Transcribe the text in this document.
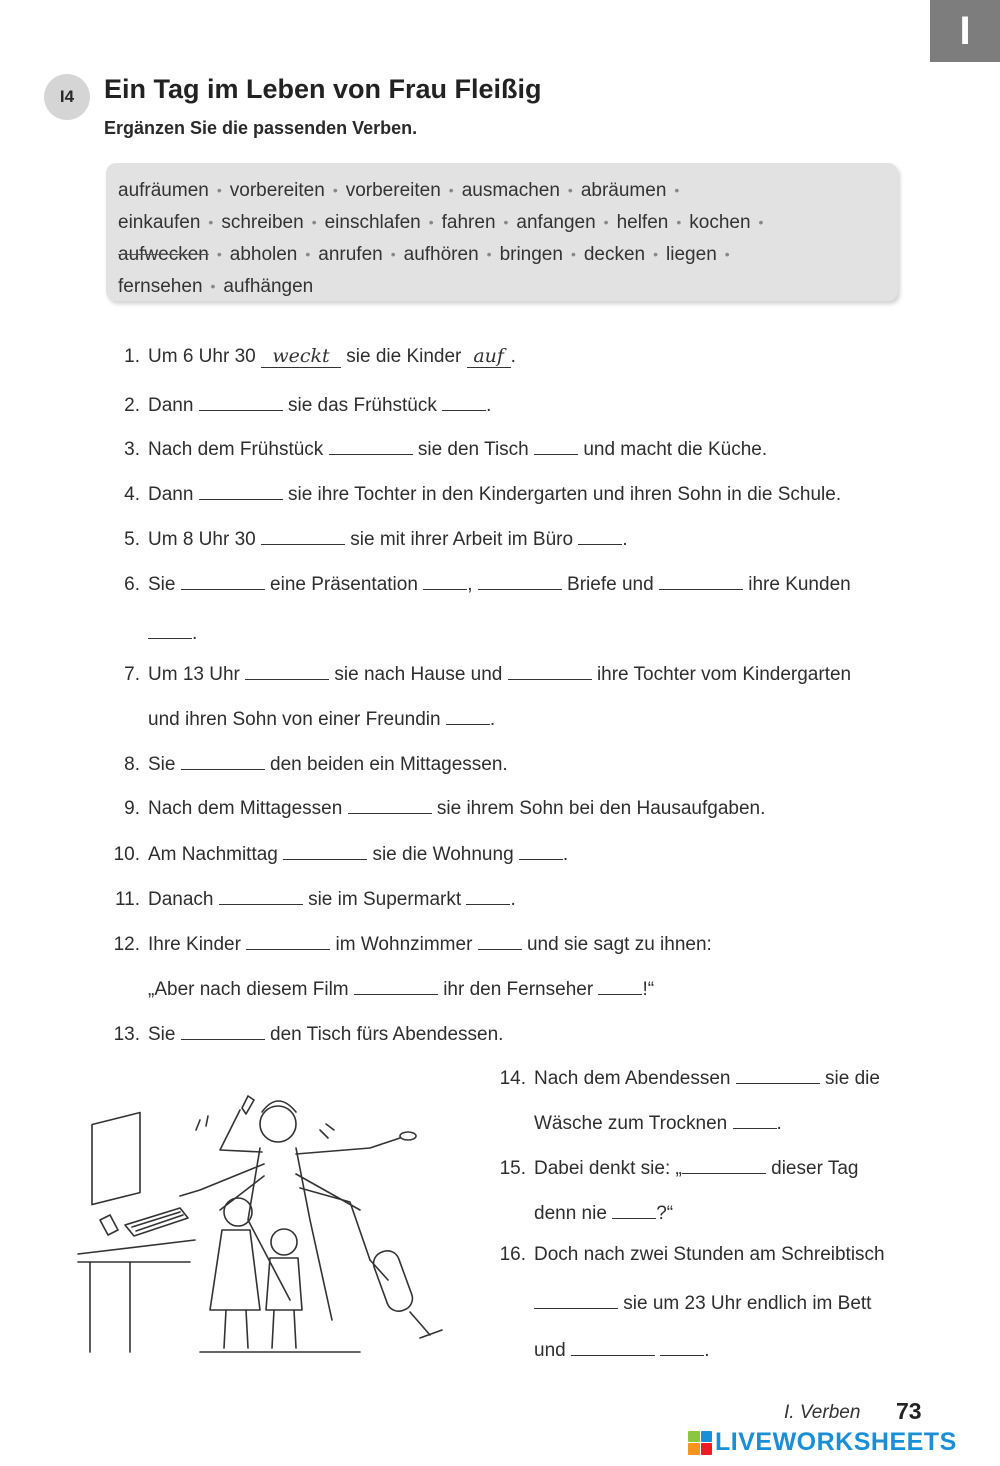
I
I4	Ein Tag im Leben von Frau Fleißig
Ergänzen Sie die passenden Verben.
aufräumen • vorbereiten • vorbereiten • ausmachen • abräumen •
einkaufen • schreiben • einschlafen • fahren • anfangen • helfen • kochen •
aufwecken • abholen • anrufen • aufhören • bringen • decken • liegen •
fernsehen • aufhängen
1. Um 6 Uhr 30 weckt sie die Kinder auf .
2. Dann	sie das Frühstück	.
3. Nach dem Frühstück	sie den Tisch	und macht die Küche.
4. Dann	sie ihre Tochter in den Kindergarten und ihren Sohn in die Schule.
5. Um 8 Uhr 30	sie mit ihrer Arbeit im Büro	.
6. Sie	eine Präsentation	,	Briefe und	ihre Kunden
.
7. Um 13 Uhr	sie nach Hause und	ihre Tochter vom Kindergarten
und ihren Sohn von einer Freundin	.
8. Sie	den beiden ein Mittagessen.
9. Nach dem Mittagessen	sie ihrem Sohn bei den Hausaufgaben.
10. Am Nachmittag	sie die Wohnung	.
11. Danach	sie im Supermarkt	.
12. Ihre Kinder	im Wohnzimmer	und sie sagt zu ihnen:
„Aber nach diesem Film	ihr den Fernseher	!“
13. Sie	den Tisch fürs Abendessen.
14. Nach dem Abendessen	sie die
Wäsche zum Trocknen	.
15. Dabei denkt sie: „	dieser Tag
denn nie	?“
16. Doch nach zwei Stunden am Schreibtisch
sie um 23 Uhr endlich im Bett
und	.
I. Verben 73
LIVEWORKSHEETS
